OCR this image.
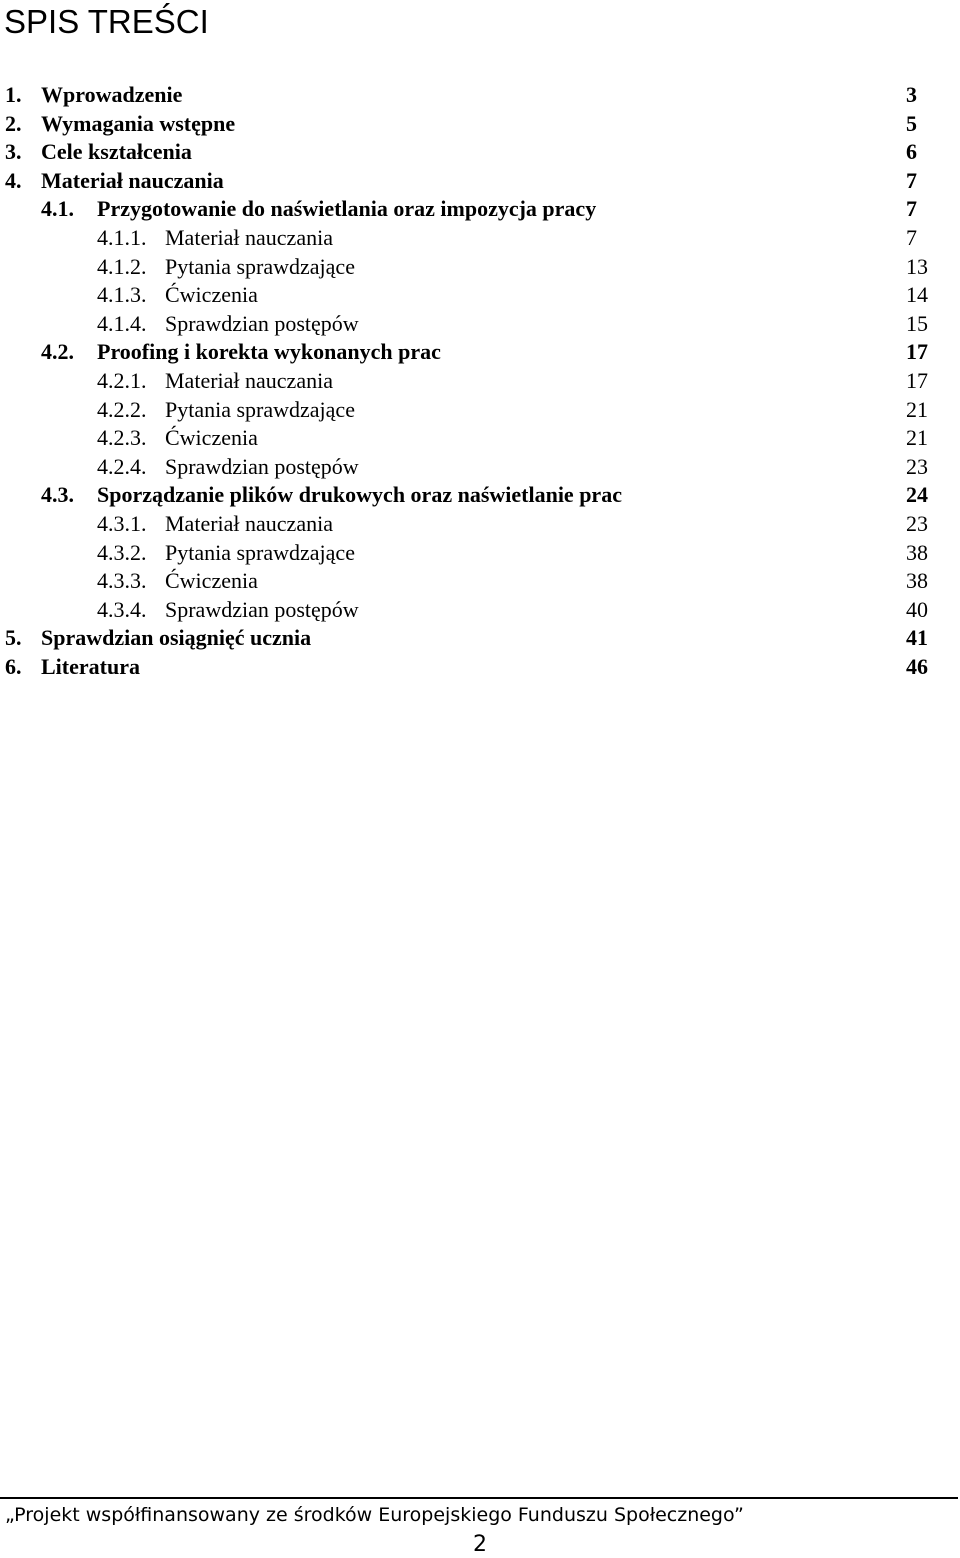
SPIS TREŚCI
1. Wprowadzenie	3
2. Wymagania wstępne	5
3. Cele kształcenia	6
4. Materiał nauczania	7
4.1. Przygotowanie do naświetlania oraz impozycja pracy	7
4.1.1. Materiał nauczania	7
4.1.2. Pytania sprawdzające	13
4.1.3. Ćwiczenia	14
4.1.4. Sprawdzian postępów	15
4.2. Proofing i korekta wykonanych prac	17
4.2.1. Materiał nauczania	17
4.2.2. Pytania sprawdzające	21
4.2.3. Ćwiczenia	21
4.2.4. Sprawdzian postępów	23
4.3. Sporządzanie plików drukowych oraz naświetlanie prac	24
4.3.1. Materiał nauczania	23
4.3.2. Pytania sprawdzające	38
4.3.3. Ćwiczenia	38
4.3.4. Sprawdzian postępów	40
5. Sprawdzian osiągnięć ucznia	41
6. Literatura	46
„Projekt współfinansowany ze środków Europejskiego Funduszu Społecznego”
2
